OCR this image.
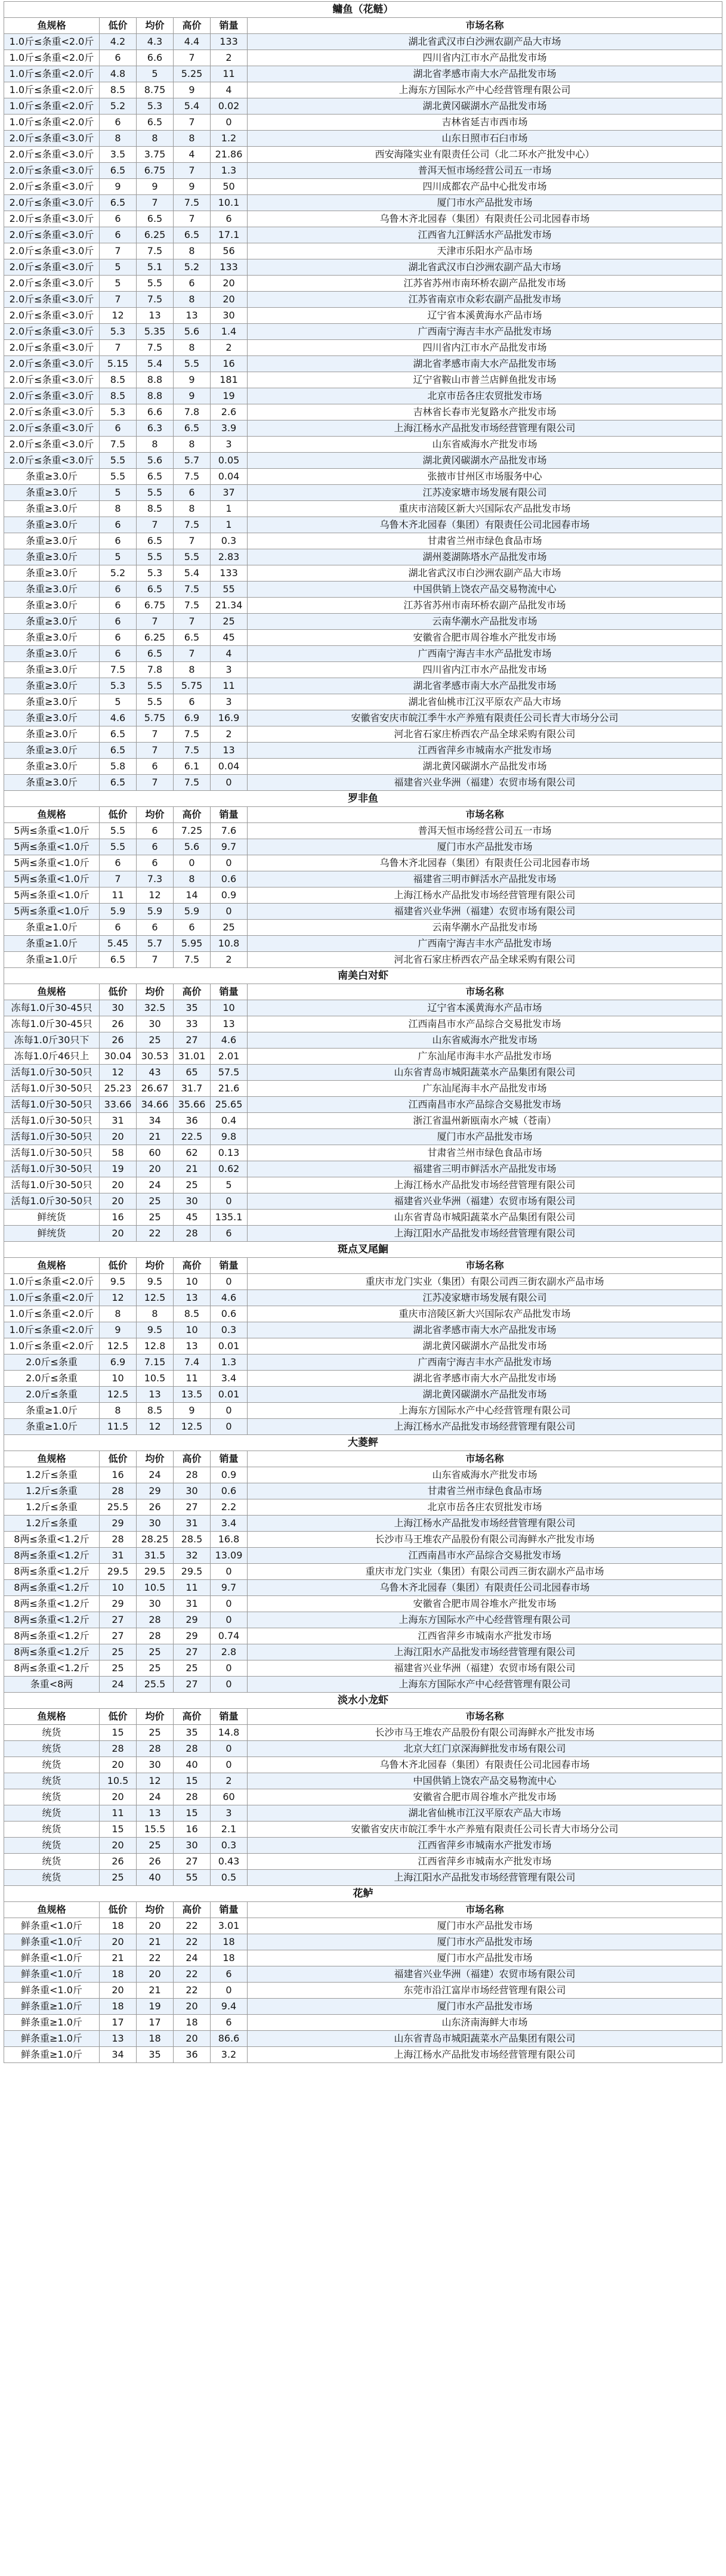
鳙鱼（花鲢）					
鱼规格	低价	均价	高价	销量	市场名称
1.0斤≤条重<2.0斤	4.2	4.3	4.4	133	湖北省武汉市白沙洲农副产品大市场
1.0斤≤条重<2.0斤	6	6.6	7	2	四川省内江市水产品批发市场
1.0斤≤条重<2.0斤	4.8	5	5.25	11	湖北省孝感市南大水产品批发市场
1.0斤≤条重<2.0斤	8.5	8.75	9	4	上海东方国际水产中心经营管理有限公司
1.0斤≤条重<2.0斤	5.2	5.3	5.4	0.02	湖北黄冈碳湖水产品批发市场
1.0斤≤条重<2.0斤	6	6.5	7	0	吉林省延吉市西市场
2.0斤≤条重<3.0斤	8	8	8	1.2	山东日照市石臼市场
2.0斤≤条重<3.0斤	3.5	3.75	4	21.86	西安海隆实业有限责任公司（北二环水产批发中心）
2.0斤≤条重<3.0斤	6.5	6.75	7	1.3	普洱天恒市场经营公司五一市场
2.0斤≤条重<3.0斤	9	9	9	50	四川成都农产品中心批发市场
2.0斤≤条重<3.0斤	6.5	7	7.5	10.1	厦门市水产品批发市场
2.0斤≤条重<3.0斤	6	6.5	7	6	乌鲁木齐北园春（集团）有限责任公司北园春市场
2.0斤≤条重<3.0斤	6	6.25	6.5	17.1	江西省九江鲜活水产品批发市场
2.0斤≤条重<3.0斤	7	7.5	8	56	天津市乐阳水产品市场
2.0斤≤条重<3.0斤	5	5.1	5.2	133	湖北省武汉市白沙洲农副产品大市场
2.0斤≤条重<3.0斤	5	5.5	6	20	江苏省苏州市南环桥农副产品批发市场
2.0斤≤条重<3.0斤	7	7.5	8	20	江苏省南京市众彩农副产品批发市场
2.0斤≤条重<3.0斤	12	13	13	30	辽宁省本溪黄海水产品市场
2.0斤≤条重<3.0斤	5.3	5.35	5.6	1.4	广西南宁海吉丰水产品批发市场
2.0斤≤条重<3.0斤	7	7.5	8	2	四川省内江市水产品批发市场
2.0斤≤条重<3.0斤	5.15	5.4	5.5	16	湖北省孝感市南大水产品批发市场
2.0斤≤条重<3.0斤	8.5	8.8	9	181	辽宁省鞍山市普兰店鲜鱼批发市场
2.0斤≤条重<3.0斤	8.5	8.8	9	19	北京市岳各庄农贸批发市场
2.0斤≤条重<3.0斤	5.3	6.6	7.8	2.6	吉林省长春市光复路水产批发市场
2.0斤≤条重<3.0斤	6	6.3	6.5	3.9	上海江杨水产品批发市场经营管理有限公司
2.0斤≤条重<3.0斤	7.5	8	8	3	山东省威海水产批发市场
2.0斤≤条重<3.0斤	5.5	5.6	5.7	0.05	湖北黄冈碳湖水产品批发市场
条重≥3.0斤	5.5	6.5	7.5	0.04	张掖市甘州区市场服务中心
条重≥3.0斤	5	5.5	6	37	江苏凌家塘市场发展有限公司
条重≥3.0斤	8	8.5	8	1	重庆市涪陵区新大兴国际农产品批发市场
条重≥3.0斤	6	7	7.5	1	乌鲁木齐北园春（集团）有限责任公司北园春市场
条重≥3.0斤	6	6.5	7	0.3	甘肃省兰州市绿色食品市场
条重≥3.0斤	5	5.5	5.5	2.83	湖州菱湖陈塔水产品批发市场
条重≥3.0斤	5.2	5.3	5.4	133	湖北省武汉市白沙洲农副产品大市场
条重≥3.0斤	6	6.5	7.5	55	中国供销上饶农产品交易物流中心
条重≥3.0斤	6	6.75	7.5	21.34	江苏省苏州市南环桥农副产品批发市场
条重≥3.0斤	6	7	7	25	云南华潮水产品批发市场
条重≥3.0斤	6	6.25	6.5	45	安徽省合肥市周谷堆水产批发市场
条重≥3.0斤	6	6.5	7	4	广西南宁海吉丰水产品批发市场
条重≥3.0斤	7.5	7.8	8	3	四川省内江市水产品批发市场
条重≥3.0斤	5.3	5.5	5.75	11	湖北省孝感市南大水产品批发市场
条重≥3.0斤	5	5.5	6	3	湖北省仙桃市江汉平原农产品大市场
条重≥3.0斤	4.6	5.75	6.9	16.9	安徽省安庆市皖江季牛水产养殖有限责任公司长青大市场分公司
条重≥3.0斤	6.5	7	7.5	2	河北省石家庄桥西农产品全球采购有限公司
条重≥3.0斤	6.5	7	7.5	13	江西省萍乡市城南水产批发市场
条重≥3.0斤	5.8	6	6.1	0.04	湖北黄冈碳湖水产品批发市场
条重≥3.0斤	6.5	7	7.5	0	福建省兴业华洲（福建）农贸市场有限公司
罗非鱼					
鱼规格	低价	均价	高价	销量	市场名称
5两≤条重<1.0斤	5.5	6	7.25	7.6	普洱天恒市场经营公司五一市场
5两≤条重<1.0斤	5.5	6	5.6	9.7	厦门市水产品批发市场
5两≤条重<1.0斤	6	6	0	0	乌鲁木齐北园春（集团）有限责任公司北园春市场
5两≤条重<1.0斤	7	7.3	8	0.6	福建省三明市鲜活水产品批发市场
5两≤条重<1.0斤	11	12	14	0.9	上海江杨水产品批发市场经营管理有限公司
5两≤条重<1.0斤	5.9	5.9	5.9	0	福建省兴业华洲（福建）农贸市场有限公司
条重≥1.0斤	6	6	6	25	云南华潮水产品批发市场
条重≥1.0斤	5.45	5.7	5.95	10.8	广西南宁海吉丰水产品批发市场
条重≥1.0斤	6.5	7	7.5	2	河北省石家庄桥西农产品全球采购有限公司
南美白对虾					
鱼规格	低价	均价	高价	销量	市场名称
冻每1.0斤30-45只	30	32.5	35	10	辽宁省本溪黄海水产品市场
冻每1.0斤30-45只	26	30	33	13	江西南昌市水产品综合交易批发市场
冻每1.0斤30只下	26	25	27	4.6	山东省威海水产批发市场
冻每1.0斤46只上	30.04	30.53	31.01	2.01	广东汕尾市海丰水产品批发市场
活每1.0斤30-50只	12	43	65	57.5	山东省青岛市城阳蔬菜水产品集团有限公司
活每1.0斤30-50只	25.23	26.67	31.7	21.6	广东汕尾海丰水产品批发市场
活每1.0斤30-50只	33.66	34.66	35.66	25.65	江西南昌市水产品综合交易批发市场
活每1.0斤30-50只	31	34	36	0.4	浙江省温州新瓯南水产城（苍南）
活每1.0斤30-50只	20	21	22.5	9.8	厦门市水产品批发市场
活每1.0斤30-50只	58	60	62	0.13	甘肃省兰州市绿色食品市场
活每1.0斤30-50只	19	20	21	0.62	福建省三明市鲜活水产品批发市场
活每1.0斤30-50只	20	24	25	5	上海江杨水产品批发市场经营管理有限公司
活每1.0斤30-50只	20	25	30	0	福建省兴业华洲（福建）农贸市场有限公司
鲜统货	16	25	45	135.1	山东省青岛市城阳蔬菜水产品集团有限公司
鲜统货	20	22	28	6	上海江阳水产品批发市场经营管理有限公司
斑点叉尾鮰					
鱼规格	低价	均价	高价	销量	市场名称
1.0斤≤条重<2.0斤	9.5	9.5	10	0	重庆市龙门实业（集团）有限公司西三街农副水产品市场
1.0斤≤条重<2.0斤	12	12.5	13	4.6	江苏凌家塘市场发展有限公司
1.0斤≤条重<2.0斤	8	8	8.5	0.6	重庆市涪陵区新大兴国际农产品批发市场
1.0斤≤条重<2.0斤	9	9.5	10	0.3	湖北省孝感市南大水产品批发市场
1.0斤≤条重<2.0斤	12.5	12.8	13	0.01	湖北黄冈碳湖水产品批发市场
2.0斤≤条重	6.9	7.15	7.4	1.3	广西南宁海吉丰水产品批发市场
2.0斤≤条重	10	10.5	11	3.4	湖北省孝感市南大水产品批发市场
2.0斤≤条重	12.5	13	13.5	0.01	湖北黄冈碳湖水产品批发市场
条重≥1.0斤	8	8.5	9	0	上海东方国际水产中心经营管理有限公司
条重≥1.0斤	11.5	12	12.5	0	上海江杨水产品批发市场经营管理有限公司
大菱鲆					
鱼规格	低价	均价	高价	销量	市场名称
1.2斤≤条重	16	24	28	0.9	山东省威海水产批发市场
1.2斤≤条重	28	29	30	0.6	甘肃省兰州市绿色食品市场
1.2斤≤条重	25.5	26	27	2.2	北京市岳各庄农贸批发市场
1.2斤≤条重	29	30	31	3.4	上海江杨水产品批发市场经营管理有限公司
8两≤条重<1.2斤	28	28.25	28.5	16.8	长沙市马王堆农产品股份有限公司海鲜水产批发市场
8两≤条重<1.2斤	31	31.5	32	13.09	江西南昌市水产品综合交易批发市场
8两≤条重<1.2斤	29.5	29.5	29.5	0	重庆市龙门实业（集团）有限公司西三街农副水产品市场
8两≤条重<1.2斤	10	10.5	11	9.7	乌鲁木齐北园春（集团）有限责任公司北园春市场
8两≤条重<1.2斤	29	30	31	0	安徽省合肥市周谷堆水产批发市场
8两≤条重<1.2斤	27	28	29	0	上海东方国际水产中心经营管理有限公司
8两≤条重<1.2斤	27	28	29	0.74	江西省萍乡市城南水产批发市场
8两≤条重<1.2斤	25	25	27	2.8	上海江阳水产品批发市场经营管理有限公司
8两≤条重<1.2斤	25	25	25	0	福建省兴业华洲（福建）农贸市场有限公司
条重<8两	24	25.5	27	0	上海东方国际水产中心经营管理有限公司
淡水小龙虾					
鱼规格	低价	均价	高价	销量	市场名称
统货	15	25	35	14.8	长沙市马王堆农产品股份有限公司海鲜水产批发市场
统货	28	28	28	0	北京大红门京深海鲜批发市场有限公司
统货	20	30	40	0	乌鲁木齐北园春（集团）有限责任公司北园春市场
统货	10.5	12	15	2	中国供销上饶农产品交易物流中心
统货	20	24	28	60	安徽省合肥市周谷堆水产批发市场
统货	11	13	15	3	湖北省仙桃市江汉平原农产品大市场
统货	15	15.5	16	2.1	安徽省安庆市皖江季牛水产养殖有限责任公司长青大市场分公司
统货	20	25	30	0.3	江西省萍乡市城南水产批发市场
统货	26	26	27	0.43	江西省萍乡市城南水产批发市场
统货	25	40	55	0.5	上海江阳水产品批发市场经营管理有限公司
花鲈					
鱼规格	低价	均价	高价	销量	市场名称
鲜条重<1.0斤	18	20	22	3.01	厦门市水产品批发市场
鲜条重<1.0斤	20	21	22	18	厦门市水产品批发市场
鲜条重<1.0斤	21	22	24	18	厦门市水产品批发市场
鲜条重<1.0斤	18	20	22	6	福建省兴业华洲（福建）农贸市场有限公司
鲜条重<1.0斤	20	21	22	0	东莞市沿江富岸市场经营管理有限公司
鲜条重≥1.0斤	18	19	20	9.4	厦门市水产品批发市场
鲜条重≥1.0斤	17	17	18	6	山东济南海鲜大市场
鲜条重≥1.0斤	13	18	20	86.6	山东省青岛市城阳蔬菜水产品集团有限公司
鲜条重≥1.0斤	34	35	36	3.2	上海江杨水产品批发市场经营管理有限公司
